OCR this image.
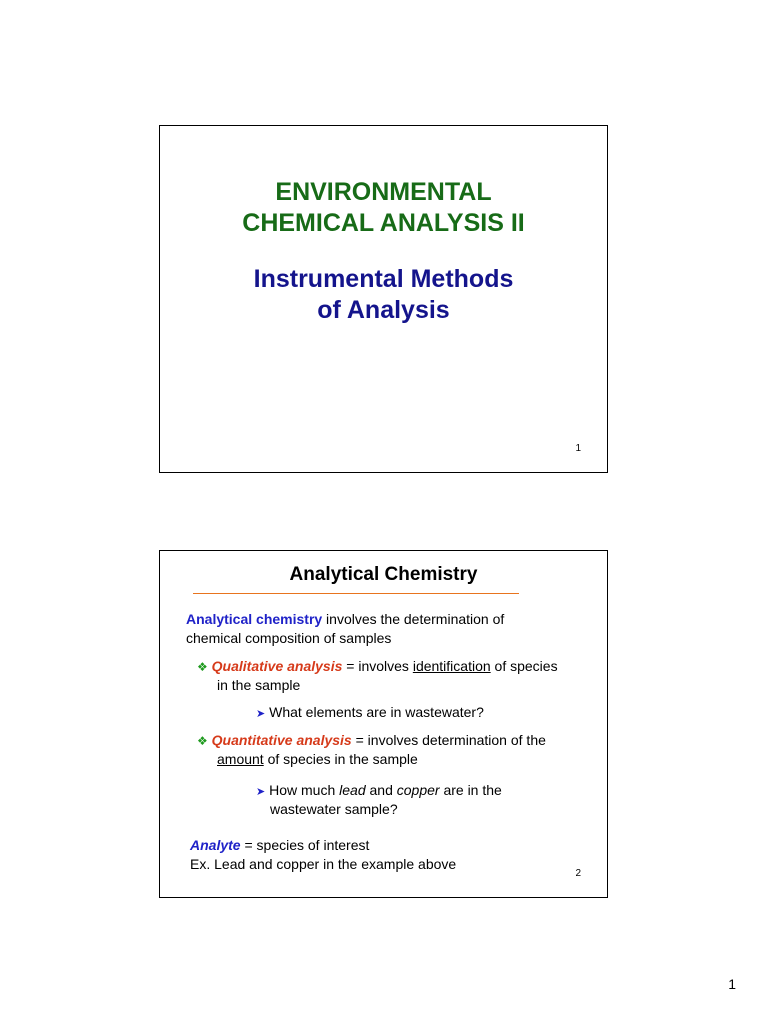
ENVIRONMENTAL
CHEMICAL ANALYSIS II
Instrumental Methods
of Analysis
1
Analytical Chemistry
Analytical chemistry involves the determination of
chemical composition of samples
❖ Qualitative analysis = involves identification of species
in the sample
➤ What elements are in wastewater?
❖ Quantitative analysis = involves determination of the
amount of species in the sample
➤ How much lead and copper are in the
wastewater sample?
Analyte = species of interest
Ex. Lead and copper in the example above
2
1
